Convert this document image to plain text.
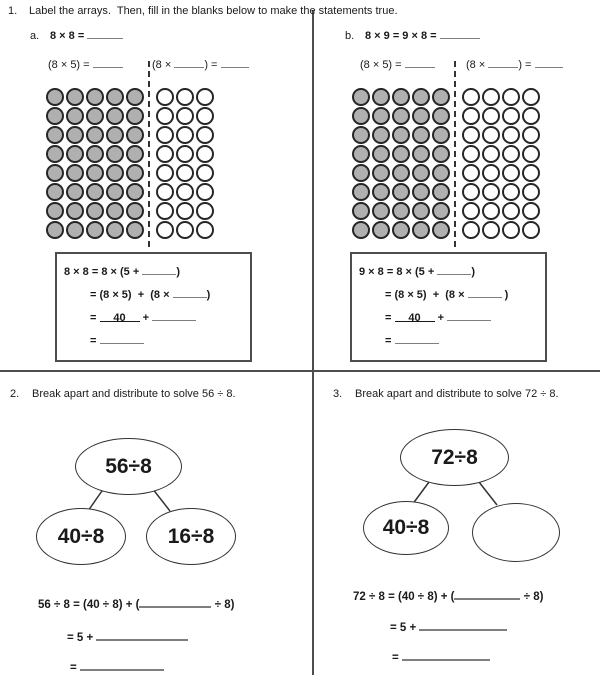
1. Label the arrays.  Then, fill in the blanks below to make the statements true.
a. 8 × 8 =
(8 × 5) =	(8 ×	) =
8 × 8 = 8 × (5 +	)
= (8 × 5)  +  (8 ×	)
= 40 +
=
b. 8 × 9 = 9 × 8 =
(8 × 5) =	(8 ×	) =
9 × 8 = 8 × (5 +	)
= (8 × 5)  +  (8 ×	)
= 40 +
=
2. Break apart and distribute to solve 56 ÷ 8.
56÷8
40÷8	16÷8
56 ÷ 8 = (40 ÷ 8) + (	÷ 8)
= 5 +
=
3. Break apart and distribute to solve 72 ÷ 8.
72÷8
40÷8
72 ÷ 8 = (40 ÷ 8) + (	÷ 8)
= 5 +
=
